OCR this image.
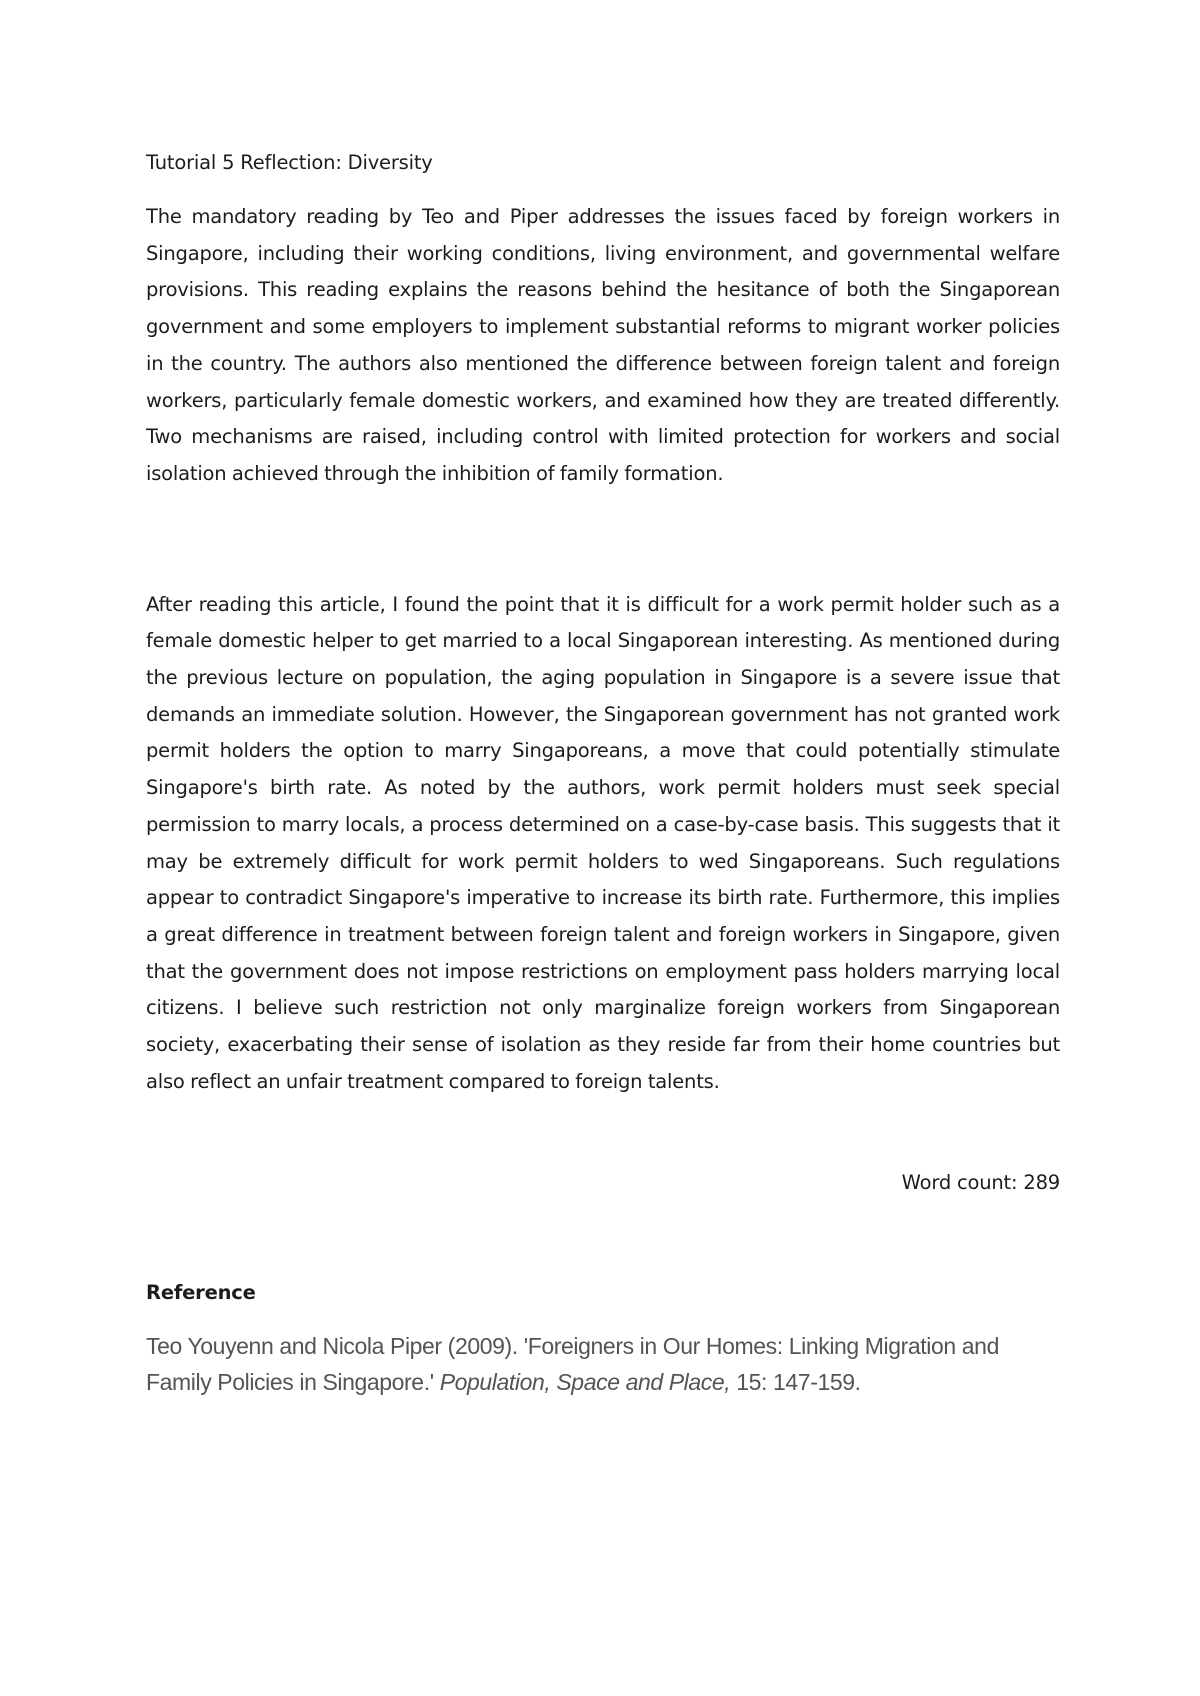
Tutorial 5 Reflection: Diversity

The mandatory reading by Teo and Piper addresses the issues faced by foreign workers in Singapore, including their working conditions, living environment, and governmental welfare provisions. This reading explains the reasons behind the hesitance of both the Singaporean government and some employers to implement substantial reforms to migrant worker policies in the country. The authors also mentioned the difference between foreign talent and foreign workers, particularly female domestic workers, and examined how they are treated differently. Two mechanisms are raised, including control with limited protection for workers and social isolation achieved through the inhibition of family formation.

After reading this article, I found the point that it is difficult for a work permit holder such as a female domestic helper to get married to a local Singaporean interesting. As mentioned during the previous lecture on population, the aging population in Singapore is a severe issue that demands an immediate solution. However, the Singaporean government has not granted work permit holders the option to marry Singaporeans, a move that could potentially stimulate Singapore's birth rate. As noted by the authors, work permit holders must seek special permission to marry locals, a process determined on a case-by-case basis. This suggests that it may be extremely difficult for work permit holders to wed Singaporeans. Such regulations appear to contradict Singapore's imperative to increase its birth rate. Furthermore, this implies a great difference in treatment between foreign talent and foreign workers in Singapore, given that the government does not impose restrictions on employment pass holders marrying local citizens. I believe such restriction not only marginalize foreign workers from Singaporean society, exacerbating their sense of isolation as they reside far from their home countries but also reflect an unfair treatment compared to foreign talents.

Word count: 289
Reference
Teo Youyenn and Nicola Piper (2009). 'Foreigners in Our Homes: Linking Migration and Family Policies in Singapore.' Population, Space and Place, 15: 147-159.
